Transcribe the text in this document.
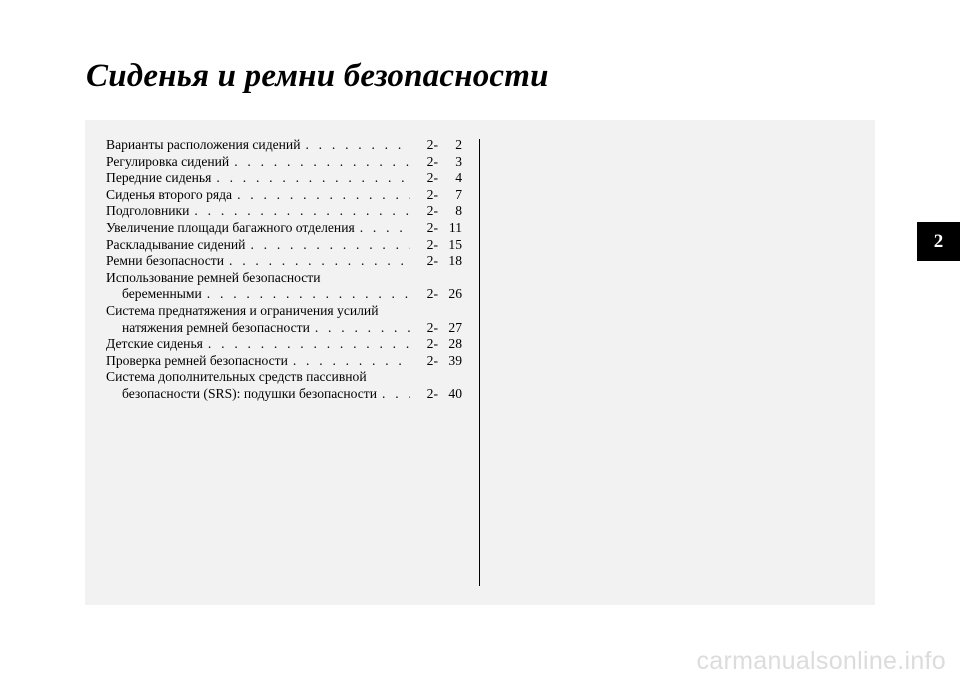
Сиденья и ремни безопасности
Варианты расположения сидений . . .	2-	2
Регулировка сидений . . .	2-	3
Передние сиденья . . .	2-	4
Сиденья второго ряда . . .	2-	7
Подголовники . . .	2-	8
Увеличение площади багажного отделения . . .	2- 11
Раскладывание сидений . . .	2- 15
Ремни безопасности . . .	2- 18
Использование ремней безопасности
беременными . . .	2- 26
Система преднатяжения и ограничения усилий
натяжения ремней безопасности . . .	2- 27
Детские сиденья . . .	2- 28
Проверка ремней безопасности . . .	2- 39
Система дополнительных средств пассивной
безопасности (SRS): подушки безопасности . . .	2- 40
2
carmanualsonline.info
